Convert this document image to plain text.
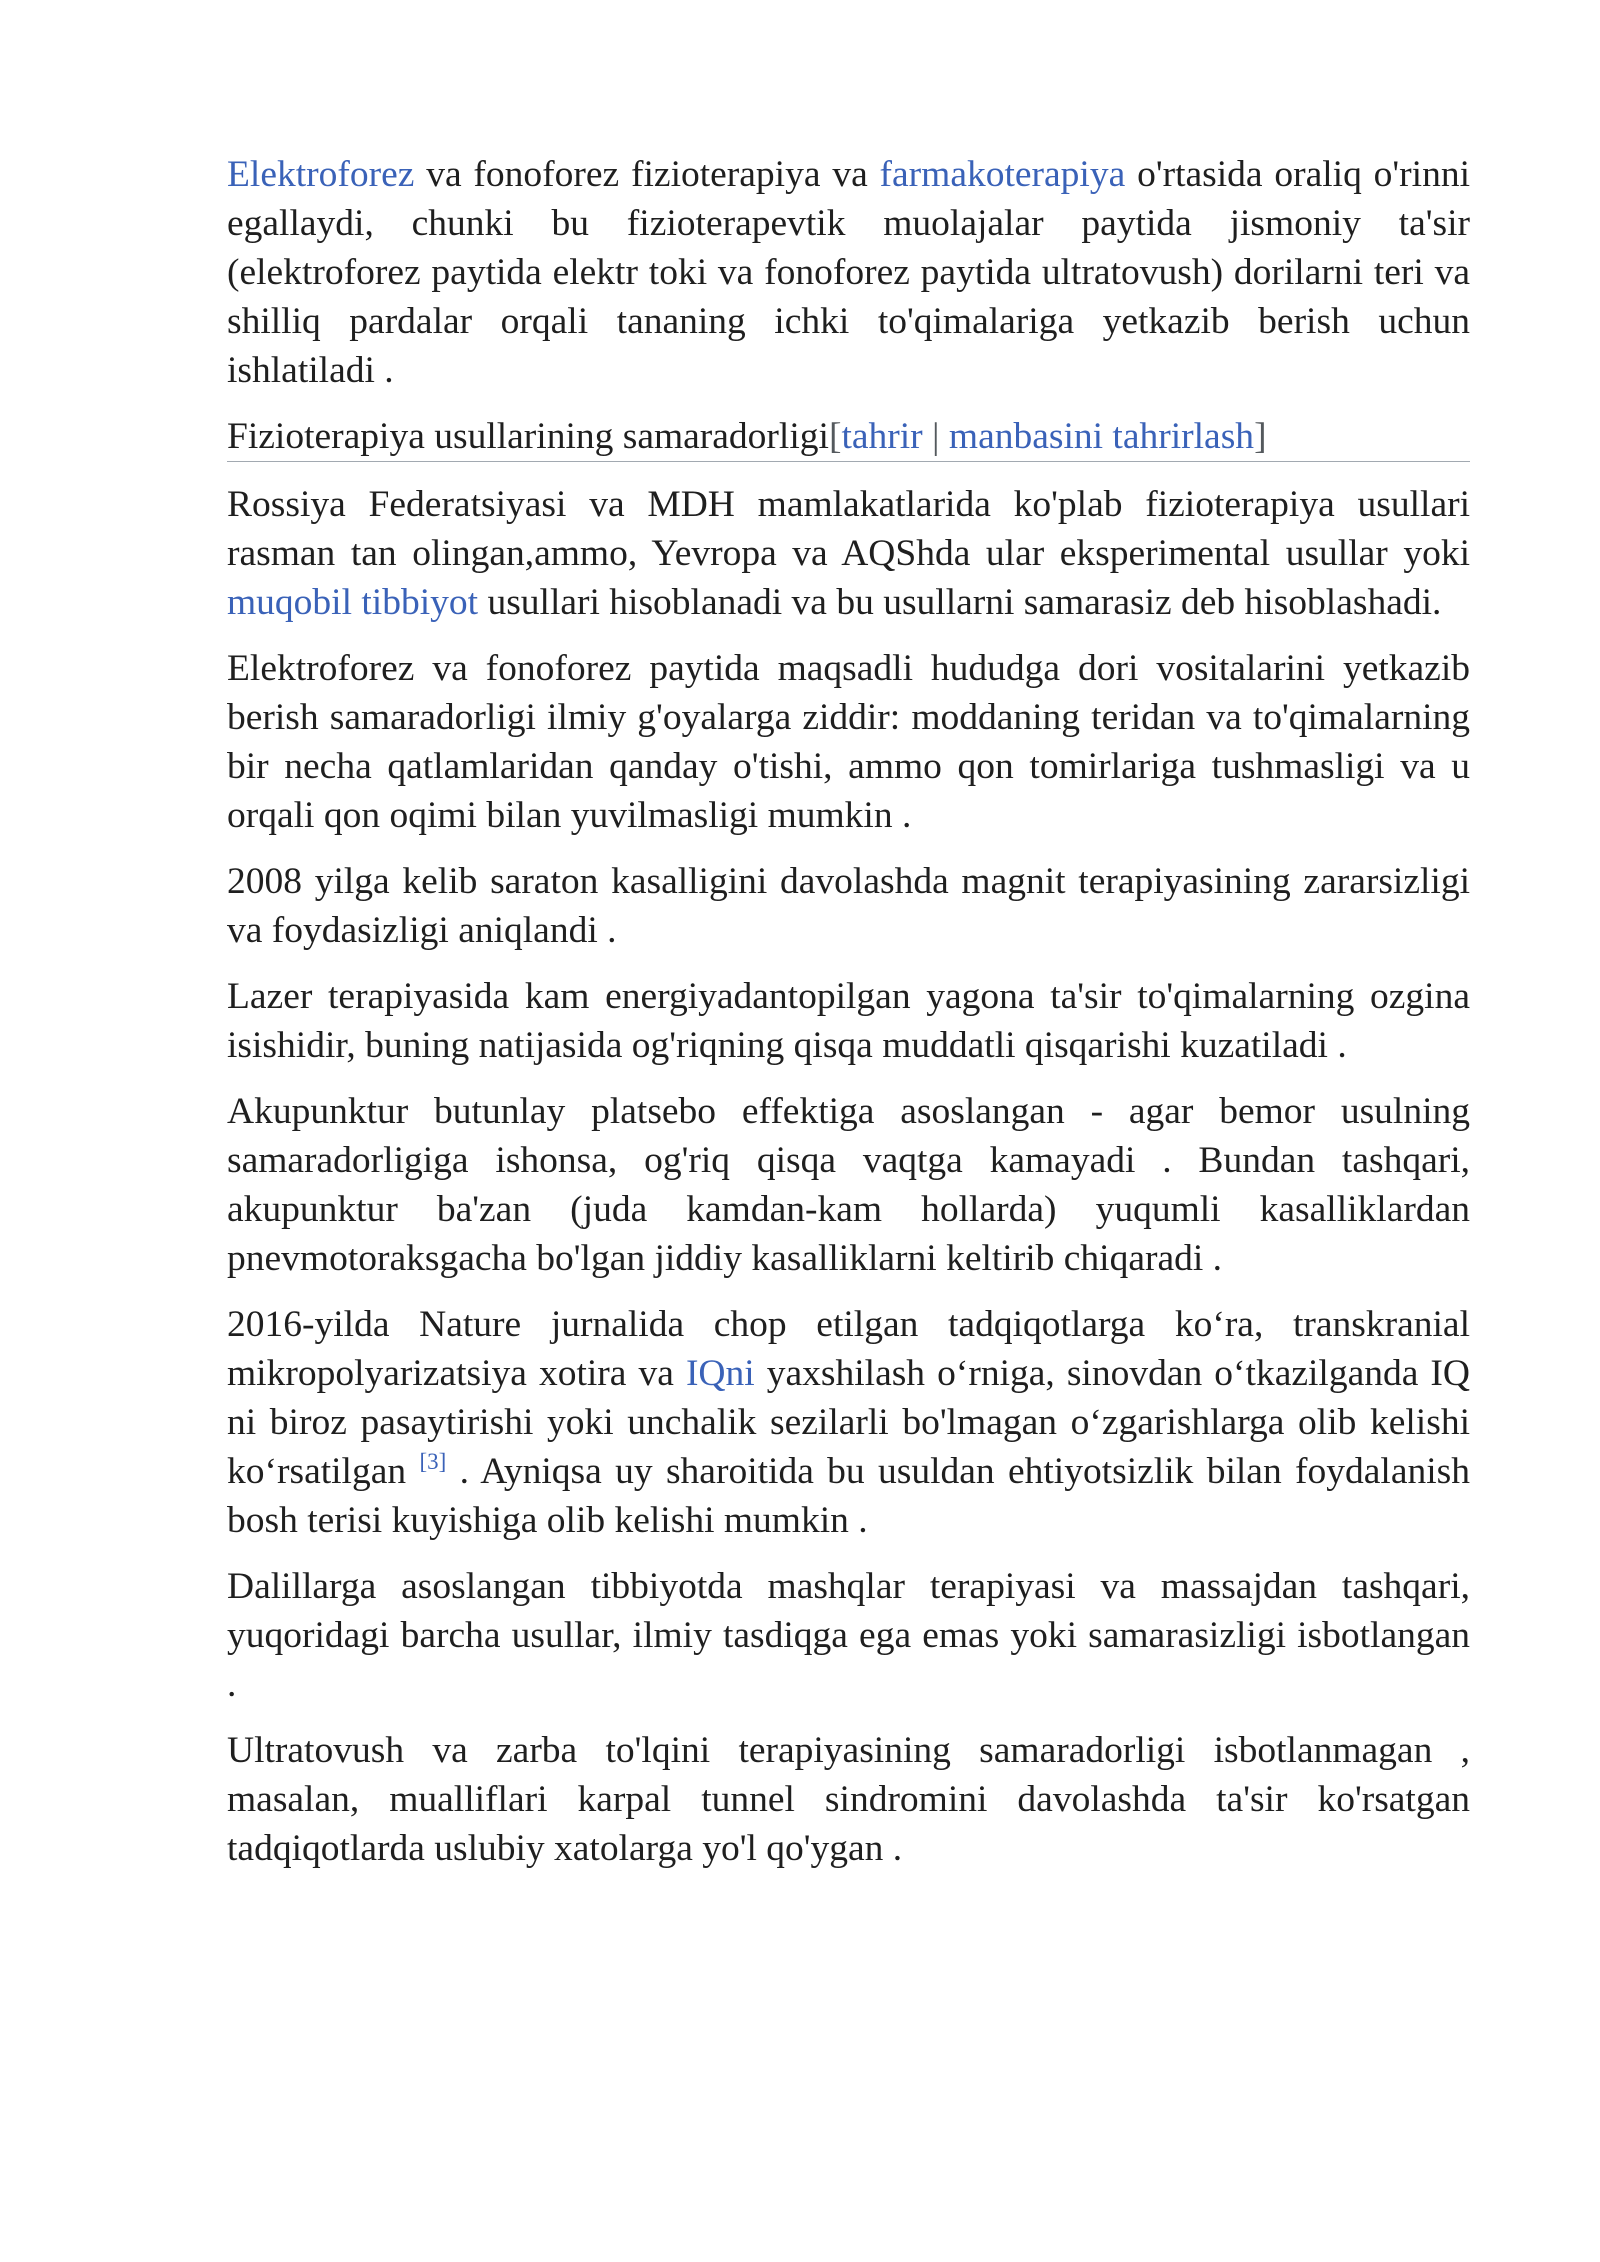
Elektroforez va fonoforez fizioterapiya va farmakoterapiya o'rtasida oraliq o'rinni egallaydi, chunki bu fizioterapevtik muolajalar paytida jismoniy ta'sir (elektroforez paytida elektr toki va fonoforez paytida ultratovush) dorilarni teri va shilliq pardalar orqali tananing ichki to'qimalariga yetkazib berish uchun ishlatiladi .

Fizioterapiya usullarining samaradorligi[tahrir | manbasini tahrirlash]

Rossiya Federatsiyasi va MDH mamlakatlarida ko'plab fizioterapiya usullari rasman tan olingan,ammo, Yevropa va AQShda ular eksperimental usullar yoki muqobil tibbiyot usullari hisoblanadi va bu usullarni samarasiz deb hisoblashadi.

Elektroforez va fonoforez paytida maqsadli hududga dori vositalarini yetkazib berish samaradorligi ilmiy g'oyalarga ziddir: moddaning teridan va to'qimalarning bir necha qatlamlaridan qanday o'tishi, ammo qon tomirlariga tushmasligi va u orqali qon oqimi bilan yuvilmasligi mumkin .

2008 yilga kelib saraton kasalligini davolashda magnit terapiyasining zararsizligi va foydasizligi aniqlandi .

Lazer terapiyasida kam energiyadantopilgan yagona ta'sir to'qimalarning ozgina isishidir, buning natijasida og'riqning qisqa muddatli qisqarishi kuzatiladi .

Akupunktur butunlay platsebo effektiga asoslangan - agar bemor usulning samaradorligiga ishonsa, og'riq qisqa vaqtga kamayadi . Bundan tashqari, akupunktur ba'zan (juda kamdan-kam hollarda) yuqumli kasalliklardan pnevmotoraksgacha bo'lgan jiddiy kasalliklarni keltirib chiqaradi .

2016-yilda Nature jurnalida chop etilgan tadqiqotlarga koʻra, transkranial mikropolyarizatsiya xotira va IQni yaxshilash oʻrniga, sinovdan oʻtkazilganda IQ ni biroz pasaytirishi yoki unchalik sezilarli bo'lmagan oʻzgarishlarga olib kelishi koʻrsatilgan [3] . Ayniqsa uy sharoitida bu usuldan ehtiyotsizlik bilan foydalanish bosh terisi kuyishiga olib kelishi mumkin .

Dalillarga asoslangan tibbiyotda mashqlar terapiyasi va massajdan tashqari, yuqoridagi barcha usullar, ilmiy tasdiqga ega emas yoki samarasizligi isbotlangan .

Ultratovush va zarba to'lqini terapiyasining samaradorligi isbotlanmagan , masalan, mualliflari karpal tunnel sindromini davolashda ta'sir ko'rsatgan tadqiqotlarda uslubiy xatolarga yo'l qo'ygan .
